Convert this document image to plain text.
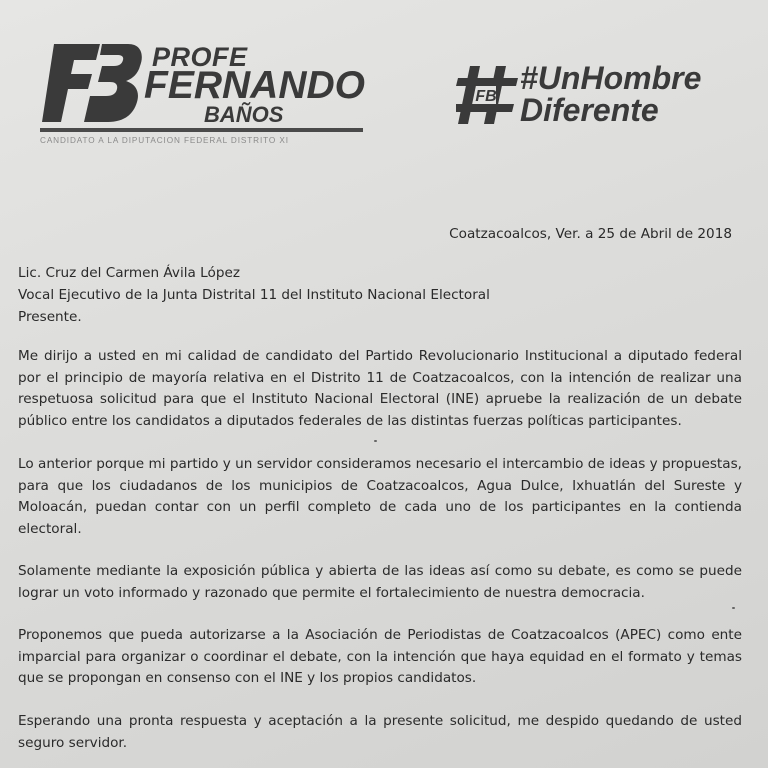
PROFE
FERNANDO
BAÑOS
CANDIDATO A LA DIPUTACION FEDERAL DISTRITO XI
FB
#UnHombre
Diferente
Coatzacoalcos, Ver. a 25 de Abril de 2018
Lic. Cruz del Carmen Ávila López
Vocal Ejecutivo de la Junta Distrital 11 del Instituto Nacional Electoral
Presente.
Me dirijo a usted en mi calidad de candidato del Partido Revolucionario Institucional a diputado federal por el principio de mayoría relativa en el Distrito 11 de Coatzacoalcos, con la intención de realizar una respetuosa solicitud para que el Instituto Nacional Electoral (INE) apruebe la realización de un debate público entre los candidatos a diputados federales de las distintas fuerzas políticas participantes.
Lo anterior porque mi partido y un servidor consideramos necesario el intercambio de ideas y propuestas, para que los ciudadanos de los municipios de Coatzacoalcos, Agua Dulce, Ixhuatlán del Sureste y Moloacán, puedan contar con un perfil completo de cada uno de los participantes en la contienda electoral.
Solamente mediante la exposición pública y abierta de las ideas así como su debate, es como se puede lograr un voto informado y razonado que permite el fortalecimiento de nuestra democracia.
Proponemos que pueda autorizarse a la Asociación de Periodistas de Coatzacoalcos (APEC) como ente imparcial para organizar o coordinar el debate, con la intención que haya equidad en el formato y temas que se propongan en consenso con el INE y los propios candidatos.
Esperando una pronta respuesta y aceptación a la presente solicitud, me despido quedando de usted seguro servidor.
